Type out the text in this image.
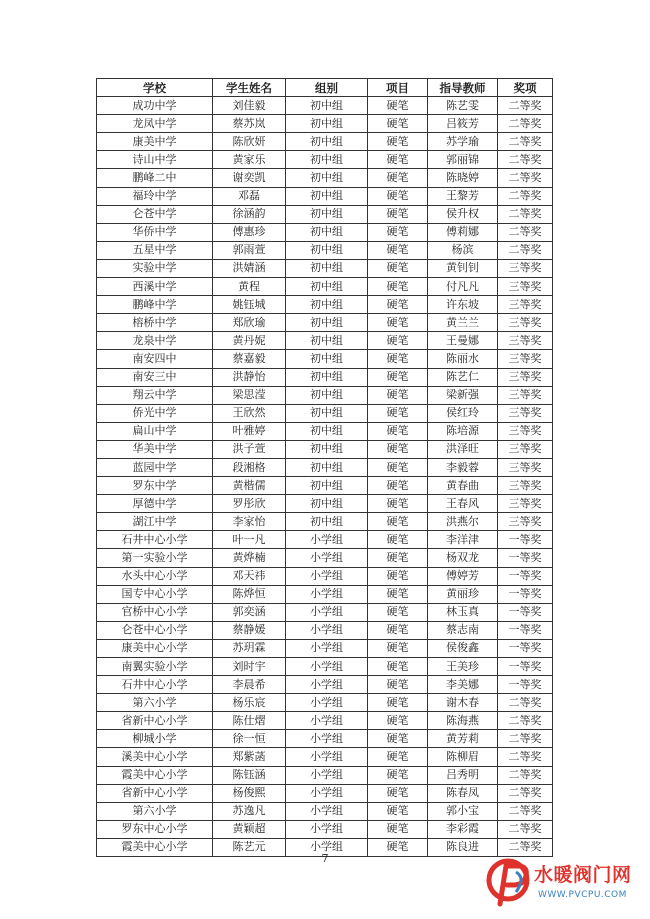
学校	学生姓名	组别	项目	指导教师	奖项
成功中学	刘佳毅	初中组	硬笔	陈艺雯	二等奖
龙凤中学	蔡苏岚	初中组	硬笔	吕筱芳	二等奖
康美中学	陈欣妍	初中组	硬笔	苏学瑜	二等奖
诗山中学	黄家乐	初中组	硬笔	郭丽锦	二等奖
鹏峰二中	谢奕凯	初中组	硬笔	陈晓婷	二等奖
福玲中学	邓磊	初中组	硬笔	王黎芳	二等奖
仑苍中学	徐涵韵	初中组	硬笔	侯升权	二等奖
华侨中学	傅惠珍	初中组	硬笔	傅莉娜	二等奖
五星中学	郭雨萱	初中组	硬笔	杨滨	二等奖
实验中学	洪婧涵	初中组	硬笔	黄钊钊	三等奖
西溪中学	黄程	初中组	硬笔	付凡凡	三等奖
鹏峰中学	姚钰城	初中组	硬笔	许东坡	三等奖
榕桥中学	郑欣瑜	初中组	硬笔	黄兰兰	三等奖
龙泉中学	黄丹妮	初中组	硬笔	王曼娜	三等奖
南安四中	蔡嘉毅	初中组	硬笔	陈丽水	三等奖
南安三中	洪静怡	初中组	硬笔	陈艺仁	三等奖
翔云中学	梁思滢	初中组	硬笔	梁新强	三等奖
侨光中学	王欣然	初中组	硬笔	侯红玲	三等奖
扁山中学	叶雅婷	初中组	硬笔	陈培源	三等奖
华美中学	洪子萱	初中组	硬笔	洪泽旺	三等奖
蓝园中学	段湘格	初中组	硬笔	李毅蓉	三等奖
罗东中学	黄楷儒	初中组	硬笔	黄春曲	三等奖
厚德中学	罗彤欣	初中组	硬笔	王春风	三等奖
湖江中学	李家怡	初中组	硬笔	洪燕尔	三等奖
石井中心小学	叶一凡	小学组	硬笔	李洋津	一等奖
第一实验小学	黄烨楠	小学组	硬笔	杨双龙	一等奖
水头中心小学	邓天祎	小学组	硬笔	傅婷芳	一等奖
国专中心小学	陈烨恒	小学组	硬笔	黄丽珍	一等奖
官桥中心小学	郭奕涵	小学组	硬笔	林玉真	一等奖
仑苍中心小学	蔡静媛	小学组	硬笔	蔡志南	一等奖
康美中心小学	苏玥霖	小学组	硬笔	侯俊鑫	一等奖
南翼实验小学	刘时宇	小学组	硬笔	王美珍	一等奖
石井中心小学	李晨希	小学组	硬笔	李美娜	一等奖
第六小学	杨乐宸	小学组	硬笔	谢木春	二等奖
省新中心小学	陈仕熠	小学组	硬笔	陈海燕	二等奖
柳城小学	徐一恒	小学组	硬笔	黄芳莉	二等奖
溪美中心小学	郑紫菡	小学组	硬笔	陈柳眉	二等奖
霞美中心小学	陈钰涵	小学组	硬笔	吕秀明	二等奖
省新中心小学	杨俊熙	小学组	硬笔	陈春凤	二等奖
第六小学	苏逸凡	小学组	硬笔	郭小宝	二等奖
罗东中心小学	黄颖超	小学组	硬笔	李彩霞	二等奖
霞美中心小学	陈艺元	小学组	硬笔	陈良进	二等奖
7
水暖阀门网
WWW.PVCPU.COM
